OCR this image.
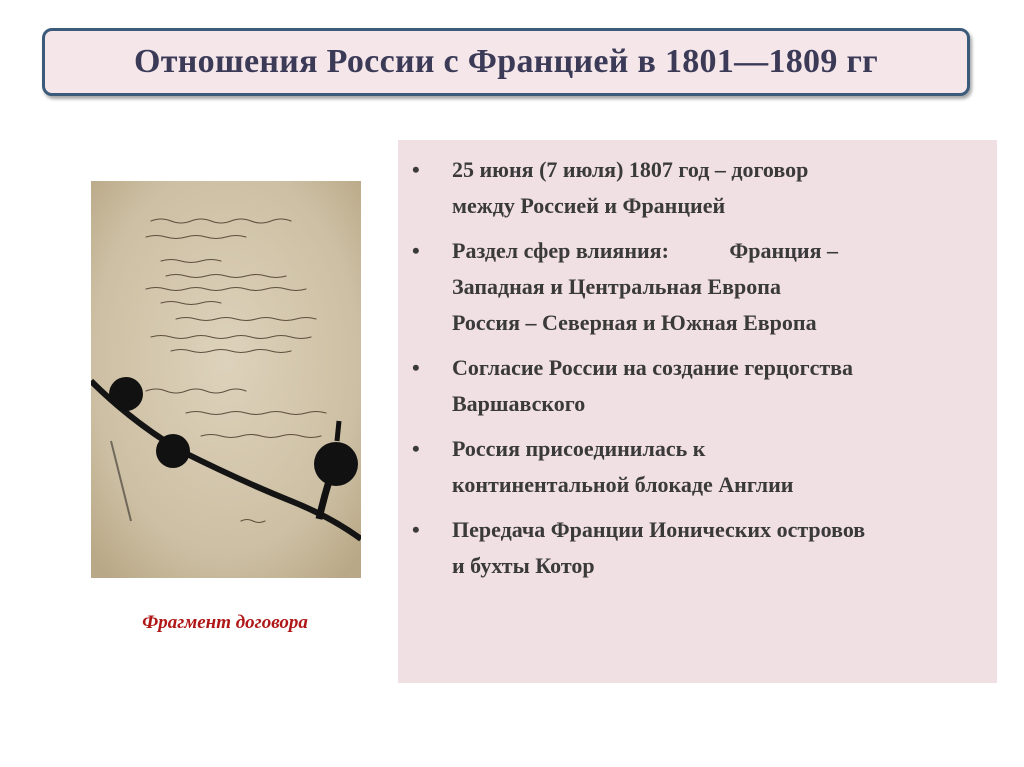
Отношения России с Францией в 1801—1809 гг
Фрагмент договора
• 25 июня (7 июля) 1807 год – договор
между Россией и Францией
• Раздел сфер влияния:           Франция –
Западная и Центральная Европа
Россия – Северная и Южная Европа
• Согласие России на создание герцогства
Варшавского
• Россия присоединилась к
континентальной блокаде Англии
• Передача Франции Ионических островов
и бухты Котор
